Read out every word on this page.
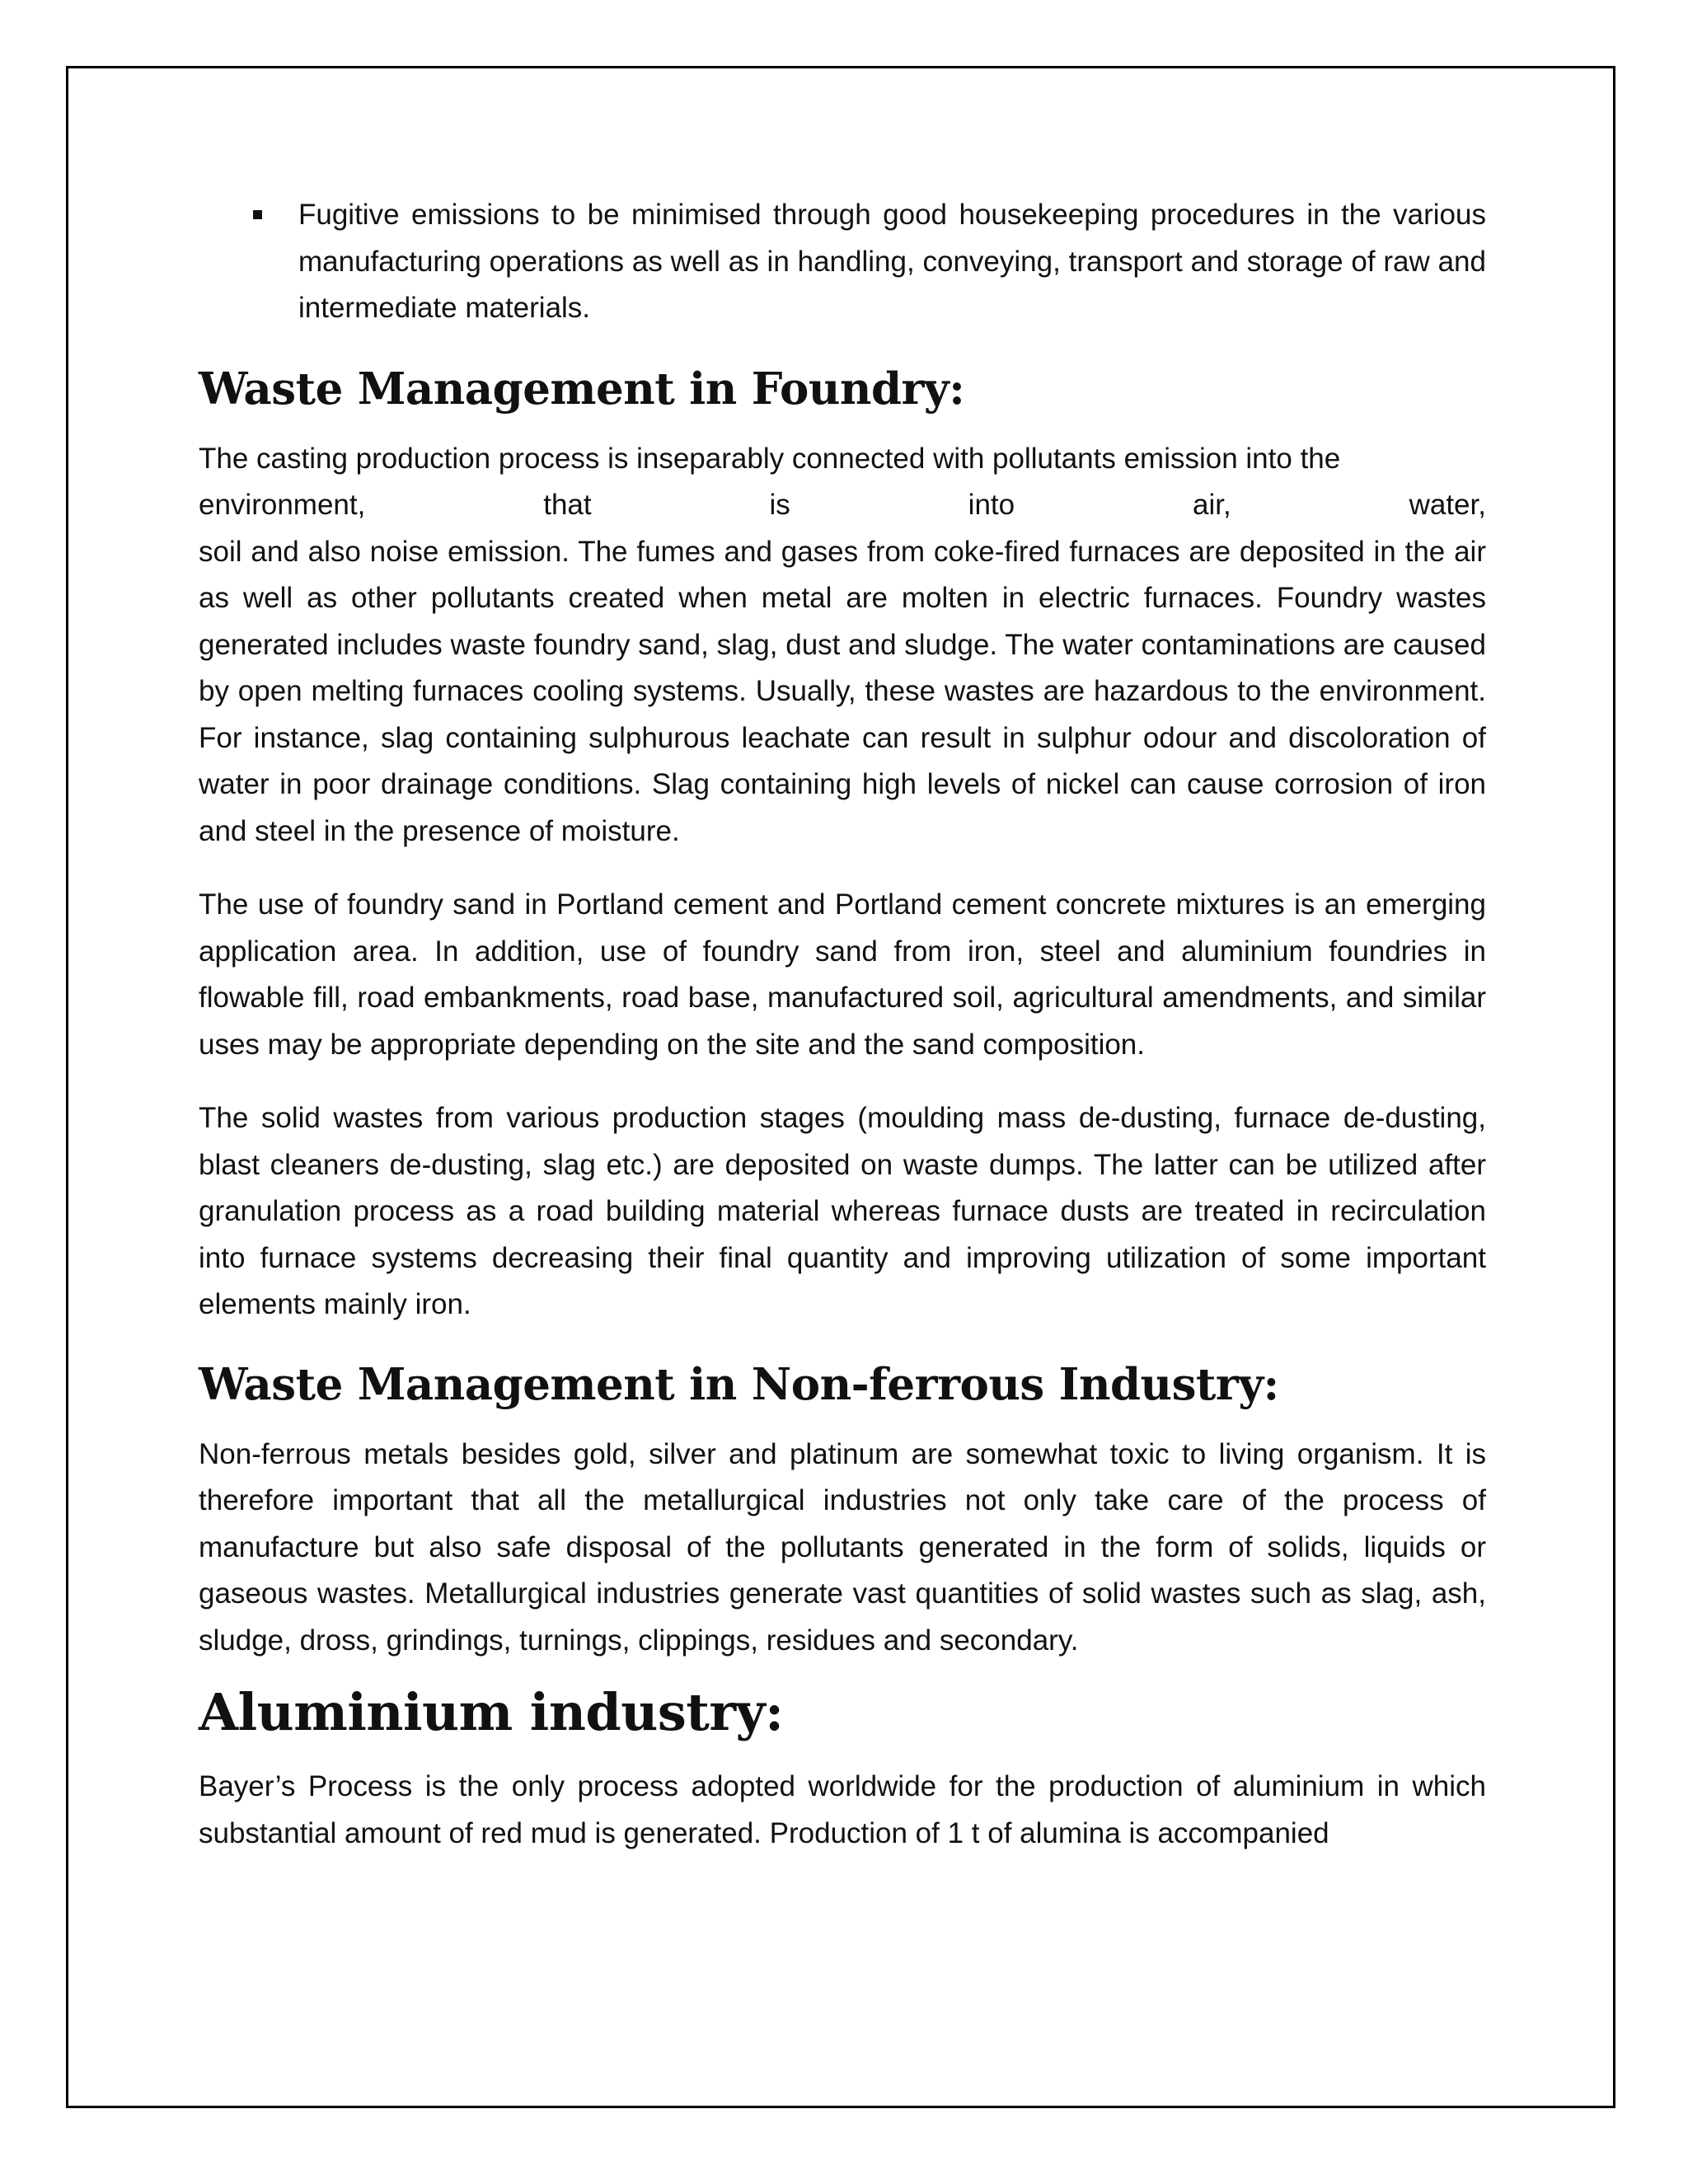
Fugitive emissions to be minimised through good housekeeping procedures in the various manufacturing operations as well as in handling, conveying, transport and storage of raw and intermediate materials.
Waste Management in Foundry:

The casting production process is inseparably connected with pollutants emission into the
environment,	that	is	into	air,	water,
soil and also noise emission. The fumes and gases from coke-fired furnaces are deposited in the air as well as other pollutants created when metal are molten in electric furnaces. Foundry wastes generated includes waste foundry sand, slag, dust and sludge. The water contaminations are caused by open melting furnaces cooling systems. Usually, these wastes are hazardous to the environment. For instance, slag containing sulphurous leachate can result in sulphur odour and discoloration of water in poor drainage conditions. Slag containing high levels of nickel can cause corrosion of iron and steel in the presence of moisture.

The use of foundry sand in Portland cement and Portland cement concrete mixtures is an emerging application area. In addition, use of foundry sand from iron, steel and aluminium foundries in flowable fill, road embankments, road base, manufactured soil, agricultural amendments, and similar uses may be appropriate depending on the site and the sand composition.

The solid wastes from various production stages (moulding mass de-dusting, furnace de-dusting, blast cleaners de-dusting, slag etc.) are deposited on waste dumps. The latter can be utilized after granulation process as a road building material whereas furnace dusts are treated in recirculation into furnace systems decreasing their final quantity and improving utilization of some important elements mainly iron.

Waste Management in Non-ferrous Industry:

Non-ferrous metals besides gold, silver and platinum are somewhat toxic to living organism. It is therefore important that all the metallurgical industries not only take care of the process of manufacture but also safe disposal of the pollutants generated in the form of solids, liquids or gaseous wastes. Metallurgical industries generate vast quantities of solid wastes such as slag, ash, sludge, dross, grindings, turnings, clippings, residues and secondary.

Aluminium industry:

Bayer’s Process is the only process adopted worldwide for the production of aluminium in which substantial amount of red mud is generated. Production of 1 t of alumina is accompanied
